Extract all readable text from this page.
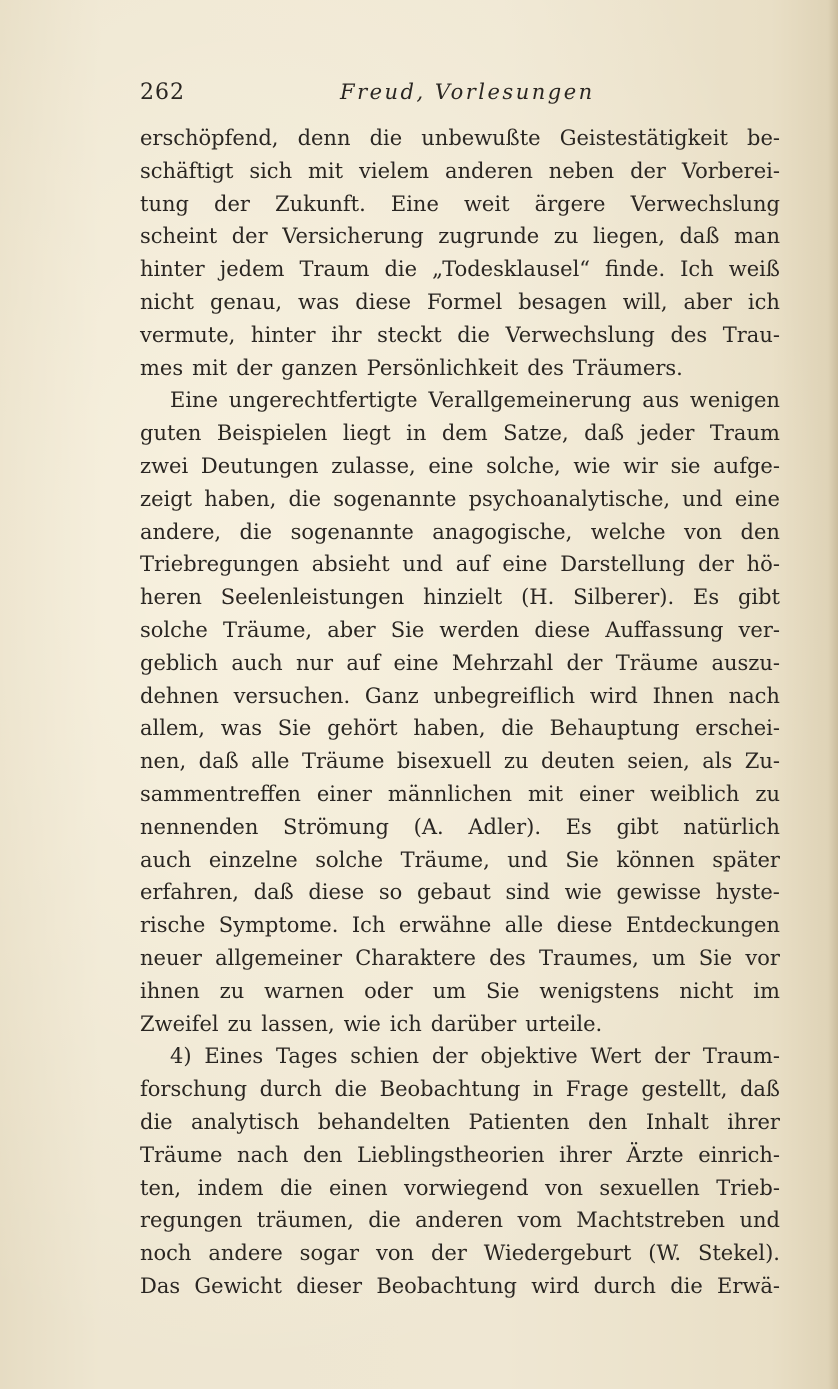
262	Freud, Vorlesungen
erschöpfend, denn die unbewußte Geistestätigkeit be-
schäftigt sich mit vielem anderen neben der Vorberei-
tung der Zukunft. Eine weit ärgere Verwechslung
scheint der Versicherung zugrunde zu liegen, daß man
hinter jedem Traum die „Todesklausel“ finde. Ich weiß
nicht genau, was diese Formel besagen will, aber ich
vermute, hinter ihr steckt die Verwechslung des Trau-
mes mit der ganzen Persönlichkeit des Träumers.
Eine ungerechtfertigte Verallgemeinerung aus wenigen
guten Beispielen liegt in dem Satze, daß jeder Traum
zwei Deutungen zulasse, eine solche, wie wir sie aufge-
zeigt haben, die sogenannte psychoanalytische, und eine
andere, die sogenannte anagogische, welche von den
Triebregungen absieht und auf eine Darstellung der hö-
heren Seelenleistungen hinzielt (H. Silberer). Es gibt
solche Träume, aber Sie werden diese Auffassung ver-
geblich auch nur auf eine Mehrzahl der Träume auszu-
dehnen versuchen. Ganz unbegreiflich wird Ihnen nach
allem, was Sie gehört haben, die Behauptung erschei-
nen, daß alle Träume bisexuell zu deuten seien, als Zu-
sammentreffen einer männlichen mit einer weiblich zu
nennenden Strömung (A. Adler). Es gibt natürlich
auch einzelne solche Träume, und Sie können später
erfahren, daß diese so gebaut sind wie gewisse hyste-
rische Symptome. Ich erwähne alle diese Entdeckungen
neuer allgemeiner Charaktere des Traumes, um Sie vor
ihnen zu warnen oder um Sie wenigstens nicht im
Zweifel zu lassen, wie ich darüber urteile.
4) Eines Tages schien der objektive Wert der Traum-
forschung durch die Beobachtung in Frage gestellt, daß
die analytisch behandelten Patienten den Inhalt ihrer
Träume nach den Lieblingstheorien ihrer Ärzte einrich-
ten, indem die einen vorwiegend von sexuellen Trieb-
regungen träumen, die anderen vom Machtstreben und
noch andere sogar von der Wiedergeburt (W. Stekel).
Das Gewicht dieser Beobachtung wird durch die Erwä-
